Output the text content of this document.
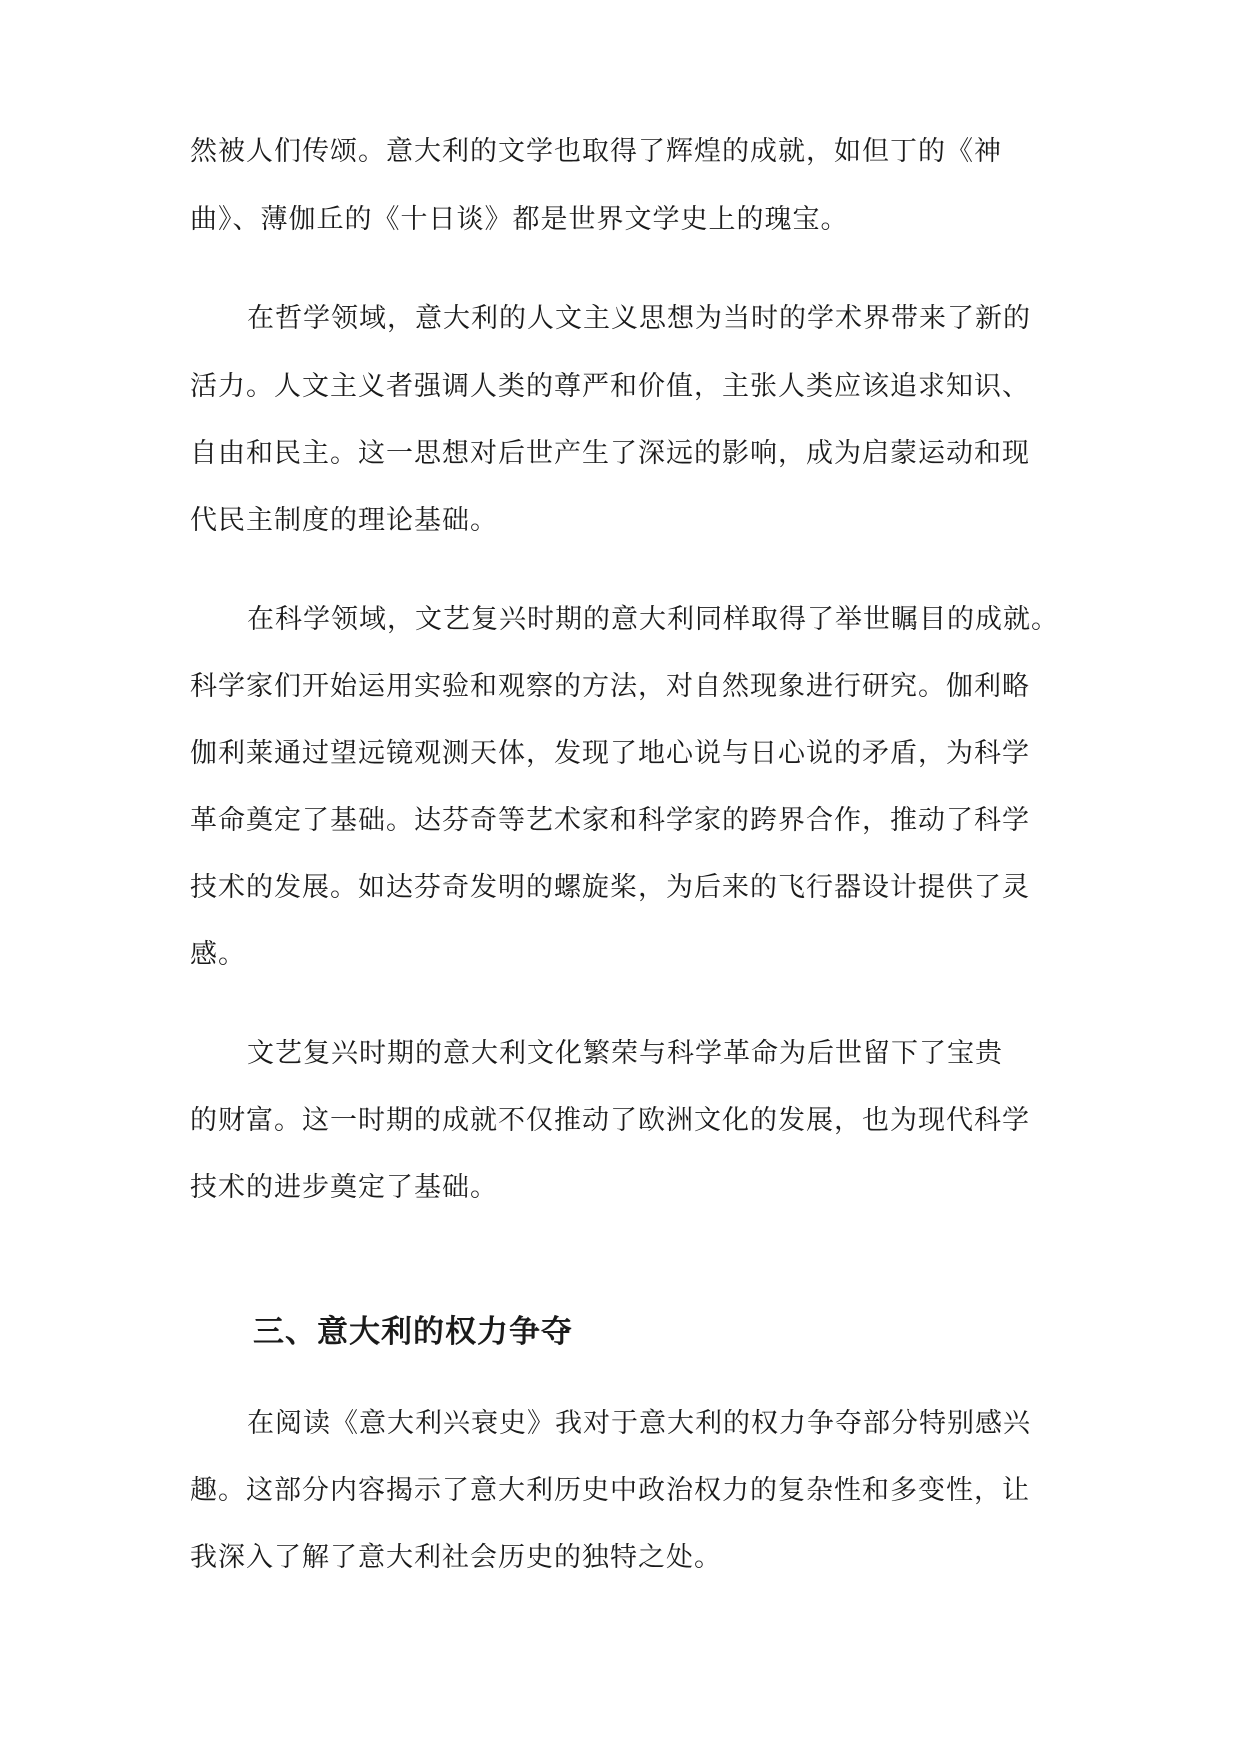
然被人们传颂。意大利的文学也取得了辉煌的成就，如但丁的《神
曲》、薄伽丘的《十日谈》都是世界文学史上的瑰宝。
在哲学领域，意大利的人文主义思想为当时的学术界带来了新的
活力。人文主义者强调人类的尊严和价值，主张人类应该追求知识、
自由和民主。这一思想对后世产生了深远的影响，成为启蒙运动和现
代民主制度的理论基础。
在科学领域，文艺复兴时期的意大利同样取得了举世瞩目的成就。
科学家们开始运用实验和观察的方法，对自然现象进行研究。伽利略
伽利莱通过望远镜观测天体，发现了地心说与日心说的矛盾，为科学
革命奠定了基础。达芬奇等艺术家和科学家的跨界合作，推动了科学
技术的发展。如达芬奇发明的螺旋桨，为后来的飞行器设计提供了灵
感。
文艺复兴时期的意大利文化繁荣与科学革命为后世留下了宝贵
的财富。这一时期的成就不仅推动了欧洲文化的发展，也为现代科学
技术的进步奠定了基础。
三、意大利的权力争夺
在阅读《意大利兴衰史》我对于意大利的权力争夺部分特别感兴
趣。这部分内容揭示了意大利历史中政治权力的复杂性和多变性，让
我深入了解了意大利社会历史的独特之处。
